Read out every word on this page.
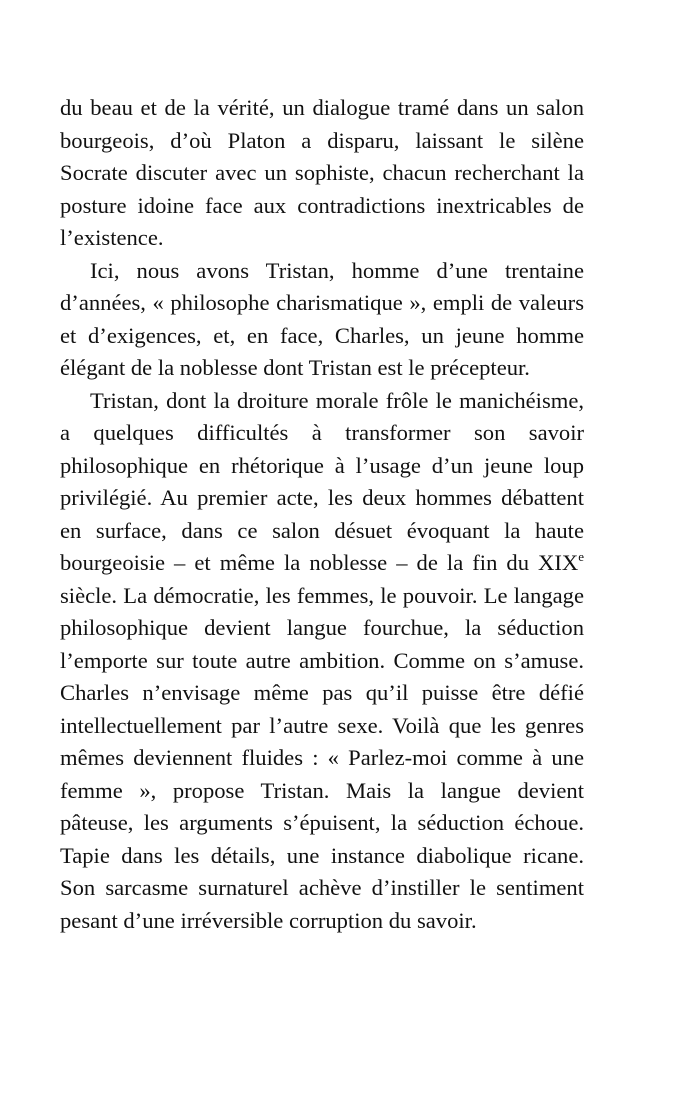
du beau et de la vérité, un dialogue tramé dans un salon bourgeois, d’où Platon a disparu, laissant le silène Socrate discuter avec un sophiste, chacun recherchant la posture idoine face aux contradictions inextricables de l’existence.

Ici, nous avons Tristan, homme d’une trentaine d’années, « philosophe charismatique », empli de valeurs et d’exigences, et, en face, Charles, un jeune homme élégant de la noblesse dont Tristan est le précepteur.

Tristan, dont la droiture morale frôle le manichéisme, a quelques difficultés à transformer son savoir philosophique en rhétorique à l’usage d’un jeune loup privilégié. Au premier acte, les deux hommes débattent en surface, dans ce salon désuet évoquant la haute bourgeoisie – et même la noblesse – de la fin du XIXe siècle. La démocratie, les femmes, le pouvoir. Le langage philosophique devient langue fourchue, la séduction l’emporte sur toute autre ambition. Comme on s’amuse. Charles n’envisage même pas qu’il puisse être défié intellectuellement par l’autre sexe. Voilà que les genres mêmes deviennent fluides : « Parlez-moi comme à une femme », propose Tristan. Mais la langue devient pâteuse, les arguments s’épuisent, la séduction échoue. Tapie dans les détails, une instance diabolique ricane. Son sarcasme surnaturel achève d’instiller le sentiment pesant d’une irréversible corruption du savoir.
